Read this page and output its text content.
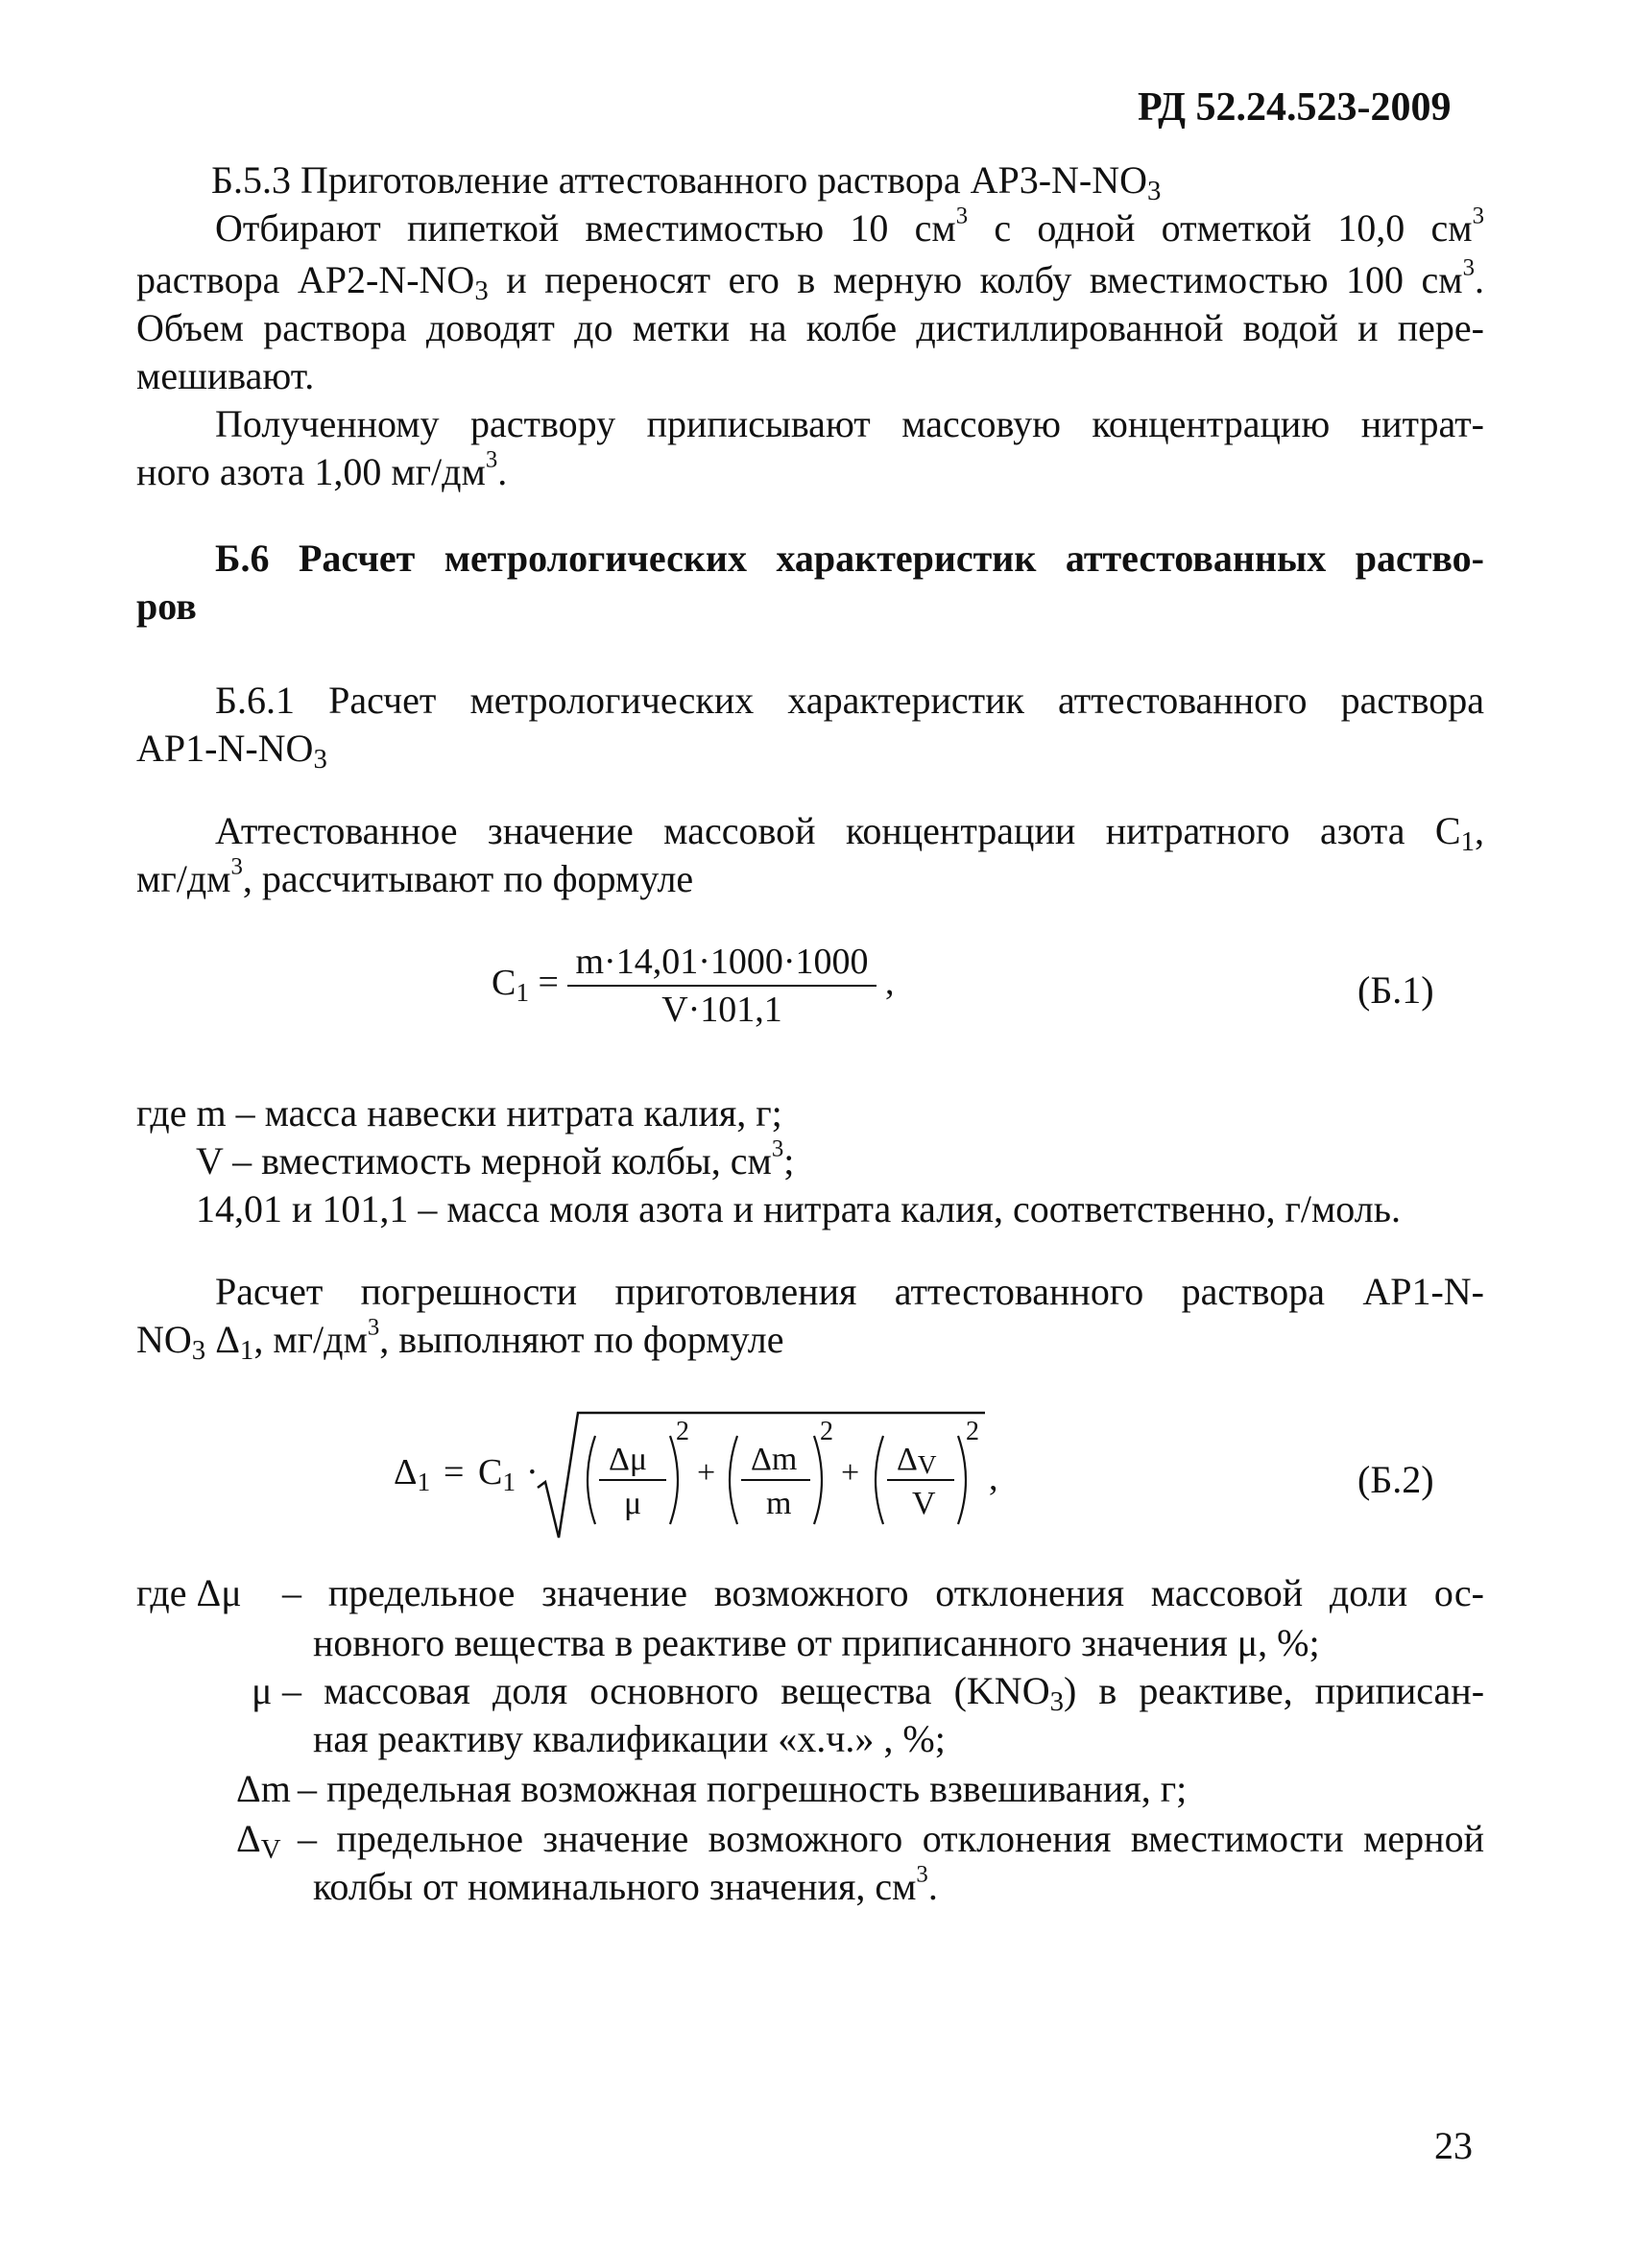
РД 52.24.523-2009
Б.5.3 Приготовление аттестованного раствора $АР3-N-NO_3$
Отбирают пипеткой вместимостью 10 $см^3$ с одной отметкой 10,0 $см^3$
раствора $АР2-N-NO_3$ и переносят его в мерную колбу вместимостью 100 $см^3$.
Объем раствора доводят до метки на колбе дистиллированной водой и пере-
мешивают.
Полученному раствору приписывают массовую концентрацию нитрат-
ного азота 1,00 $мг/дм^3$.
Б.6 Расчет метрологических характеристик аттестованных раство-
ров
Б.6.1 Расчет метрологических характеристик аттестованного раствора
$АР1-N-NO_3$
Аттестованное значение массовой концентрации нитратного азота $С_1$,
$мг/дм^3$, рассчитывают по формуле
$C_1 = \frac{m\cdot 14,01\cdot 1000\cdot 1000}{V\cdot 101,1}$ ,	(Б.1)
где m – масса навески нитрата калия, г;
V – вместимость мерной колбы, $см^3$;
14,01 и 101,1 – масса моля азота и нитрата калия, соответственно, г/моль.
Расчет погрешности приготовления аттестованного раствора АР1-N-
$NO_3$ $\Delta_1$, $мг/дм^3$, выполняют по формуле
$\Delta_1 = C_1 \cdot \Delta\mu$
μ
2
+ Δm
m
2
+ $\Delta_V$
V
2
,	(Б.2)
где Δμ – предельное значение возможного отклонения массовой доли ос-
новного вещества в реактиве от приписанного значения μ, %;
μ – массовая доля основного вещества $(KNO_3)$ в реактиве, приписан-
ная реактиву квалификации «х.ч.» , %;
Δm – предельная возможная погрешность взвешивания, г;
$\Delta_V$ – предельное значение возможного отклонения вместимости мерной
колбы от номинального значения, $см^3$.
23
